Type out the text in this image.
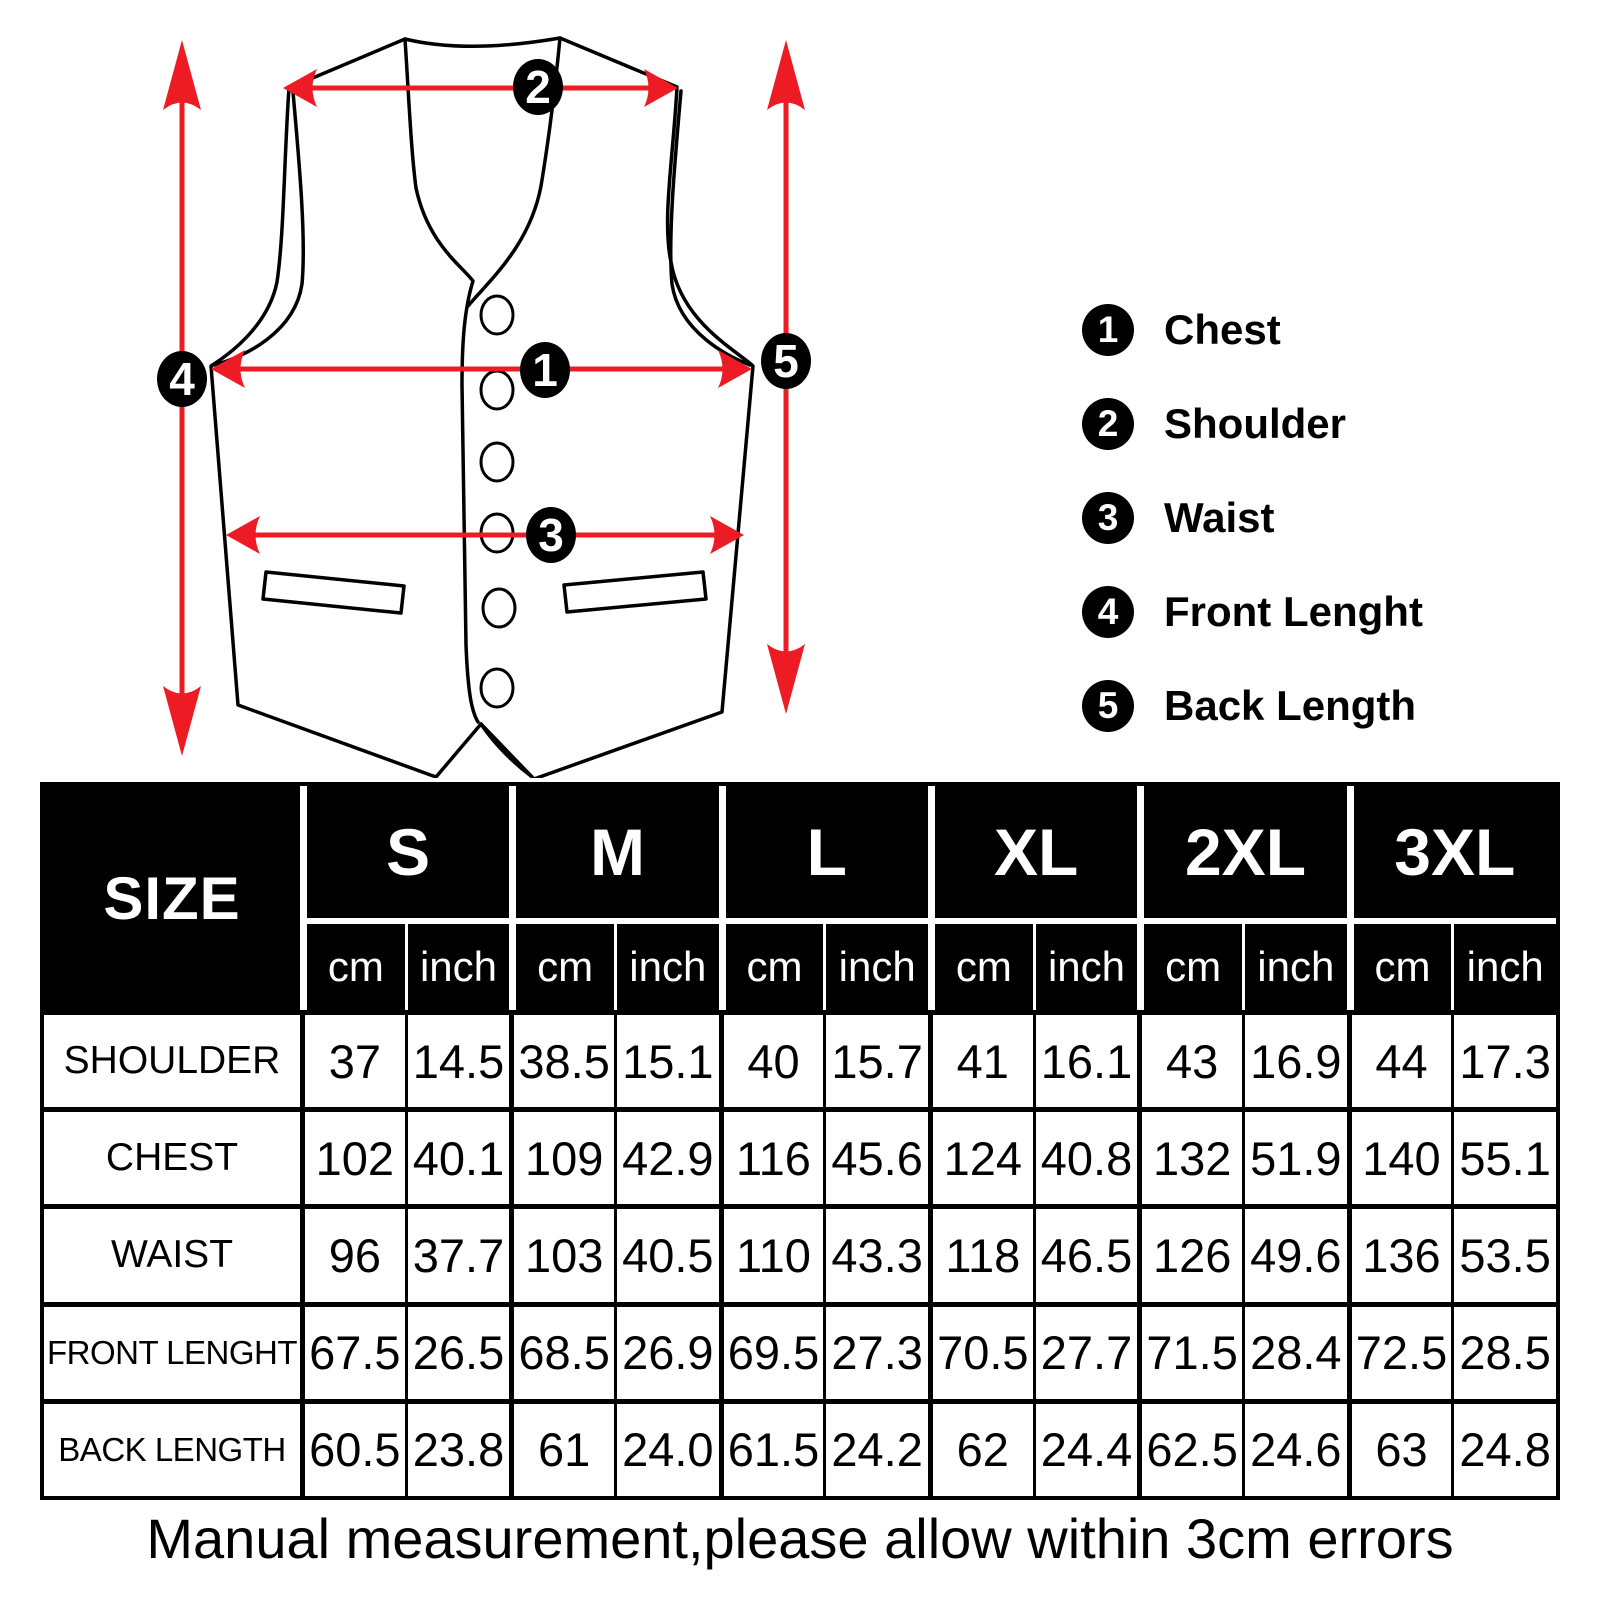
1
2
3
4	5
1	Chest
2	Shoulder
3	Waist
4	Front Lenght
5	Back Length
SIZE
S	M	L	XL	2XL	3XL
cm inch cm inch cm inch cm inch cm inch cm inch
SHOULDER	37 14.5 38.5 15.1 40 15.7 41 16.1 43 16.9 44 17.3
CHEST	102 40.1 109 42.9 116 45.6 124 40.8 132 51.9 140 55.1
WAIST	96 37.7 103 40.5 110 43.3 118 46.5 126 49.6 136 53.5
FRONT LENGHT 67.5 26.5 68.5 26.9 69.5 27.3 70.5 27.7 71.5 28.4 72.5 28.5
BACK LENGTH 60.5 23.8 61 24.0 61.5 24.2 62 24.4 62.5 24.6 63 24.8
Manual measurement,please allow within 3cm errors
